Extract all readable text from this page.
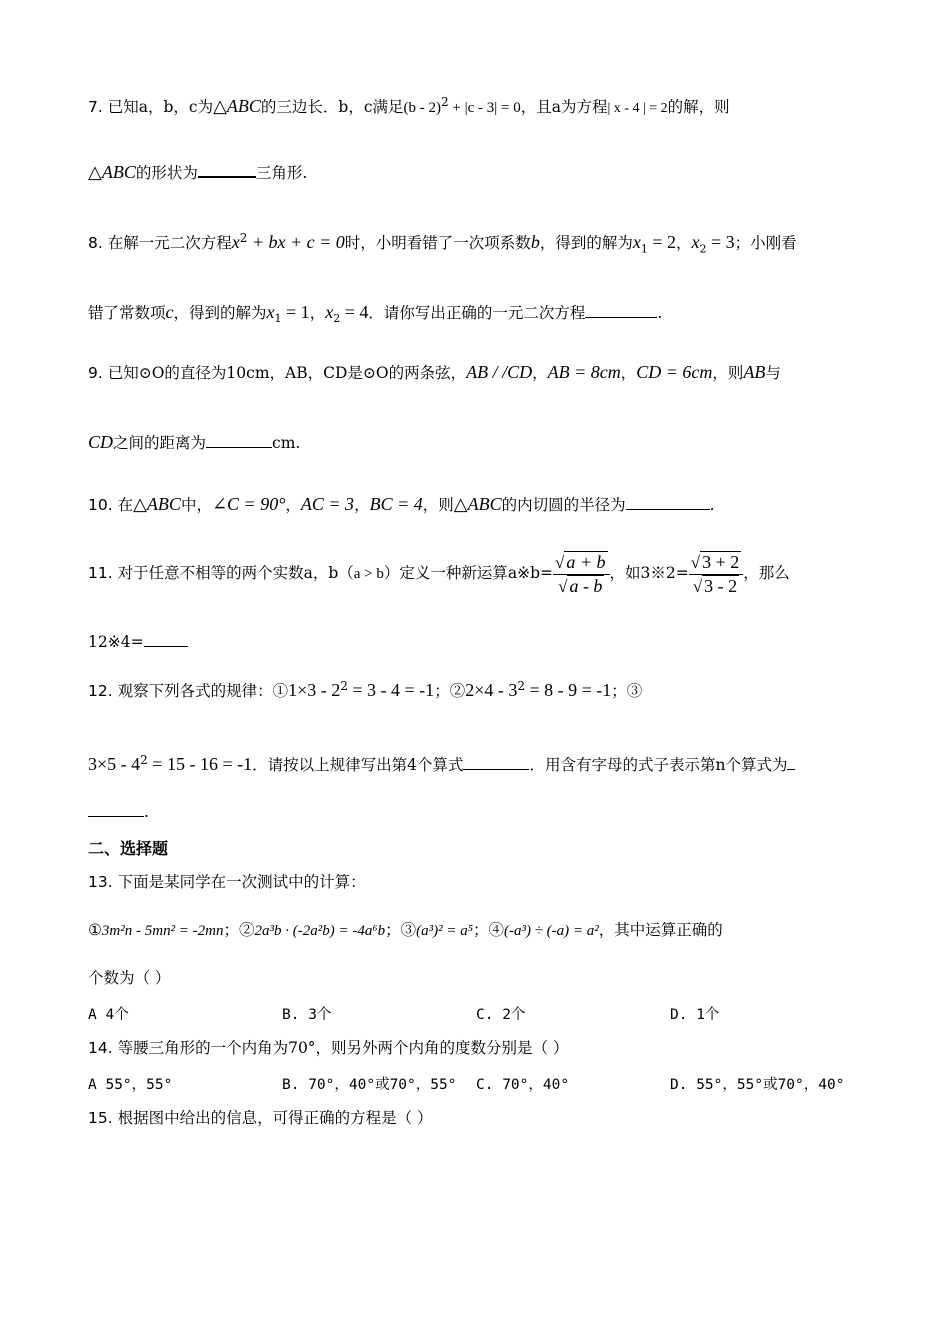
7. 已知a，b，c为△ABC的三边长．b，c满足(b - 2)$^2$ + |c - 3| = 0，且a为方程| x - 4 | = 2的解，则
△ABC的形状为	三角形.
8. 在解一元二次方程$x^2$ + bx + c = 0时，小明看错了一次项系数b，得到的解为$x_1 = 2$，$x_2 = 3$；小刚看
错了常数项c，得到的解为$x_1 = 1$，$x_2 = 4$．请你写出正确的一元二次方程	.
9. 已知⊙O的直径为10cm，AB，CD是⊙O的两条弦，AB / /CD，AB = 8cm，CD = 6cm，则AB与
CD之间的距离为	cm.
10. 在△ABC中，∠C = 90°，AC = 3，BC = 4，则△ABC的内切圆的半径为	.
11. 对于任意不相等的两个实数a，b（a > b）定义一种新运算a※b= $\frac{√ a + b}{√ a - b}$ ，如3※2= $\frac{√ 3 + 2}{√ 3 - 2}$ ，那么
12※4=
12. 观察下列各式的规律：①1×3 - $2^2 = 3 - 4 = -1$；②2×4 - $3^2 = 8 - 9 = -1$；③
$3\times 5 - 4^2 = 15 - 16 = -1$．请按以上规律写出第4个算式	．用含有字母的式子表示第n个算式为
.
二、选择题
13. 下面是某同学在一次测试中的计算：
①3m²n - 5mn² = -2mn；②2a³b · (-2a²b) = -4a⁶b；③(a³)² = a⁵；④(-a³) ÷ (-a) = a²，其中运算正确的
个数为（ ）
A 4个	B. 3个	C. 2个	D. 1个
14. 等腰三角形的一个内角为70°，则另外两个内角的度数分别是（ ）
A 55°，55°	B. 70°，40°或70°，55° C. 70°，40°	D. 55°，55°或70°，40°
15. 根据图中给出的信息，可得正确的方程是（ ）
